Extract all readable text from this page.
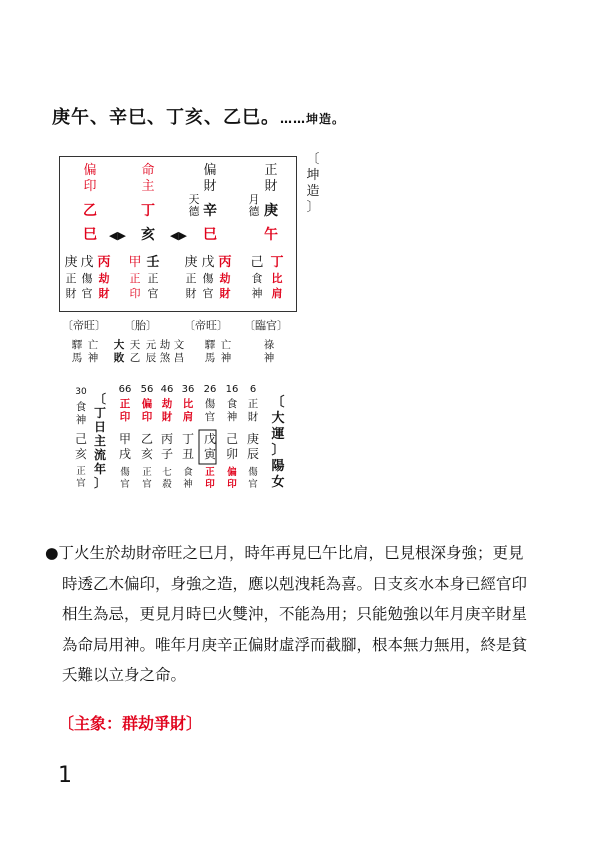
庚午、辛巳、丁亥、乙巳。……坤造。
偏
印
乙
巳
命
主
丁
亥
偏
財
天
德 辛
巳
正
財
月
德 庚
午
◀▶	◀▶
庚 戊 丙
正
財
傷
官
劫
財
甲 壬
正
印
正
官
庚 戊 丙
正
財
傷
官
劫
財
己 丁
食
神
比
肩
〔
坤
造
〕
〔帝旺〕 〔胎〕 〔帝旺〕 〔臨官〕
驛
馬
亡
神
大
敗
天
乙
元
辰
劫
煞
文
昌
驛
馬
亡
神
祿
神
30
食
神
己
亥
正
官
〔
丁
日
主
流
年
〕
〔
大
運
〕
陽
女
6
正
財
庚
辰
傷
官
16
食
神
己
卯
偏
印
26
傷
官
戊
寅
正
印
36
比
肩
丁
丑
食
神
46
劫
財
丙
子
七
殺
56
偏
印
乙
亥
正
官
66
正
印
甲
戌
傷
官

●丁火生於劫財帝旺之巳月，時年再見巳午比肩，巳見根深身強；更見時透乙木偏印，身強之造，應以剋洩耗為喜。日支亥水本身已經官印相生為忌，更見月時巳火雙沖，不能為用；只能勉強以年月庚辛財星為命局用神。唯年月庚辛正偏財虛浮而截腳，根本無力無用，終是貧夭難以立身之命。

〔主象：群劫爭財〕
1
